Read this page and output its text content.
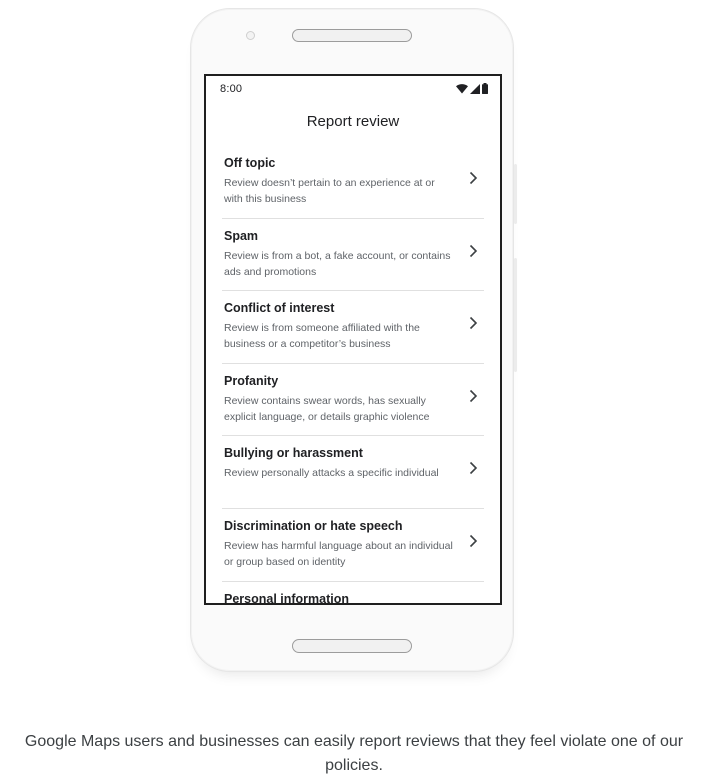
8:00
Report review
Off topic
Review doesn’t pertain to an experience at or with this business
Spam
Review is from a bot, a fake account, or contains ads and promotions
Conflict of interest
Review is from someone affiliated with the business or a competitor’s business
Profanity
Review contains swear words, has sexually explicit language, or details graphic violence
Bullying or harassment
Review personally attacks a specific individual
Discrimination or hate speech
Review has harmful language about an individual or group based on identity
Personal information
Google Maps users and businesses can easily report reviews that they feel violate one of our policies.
